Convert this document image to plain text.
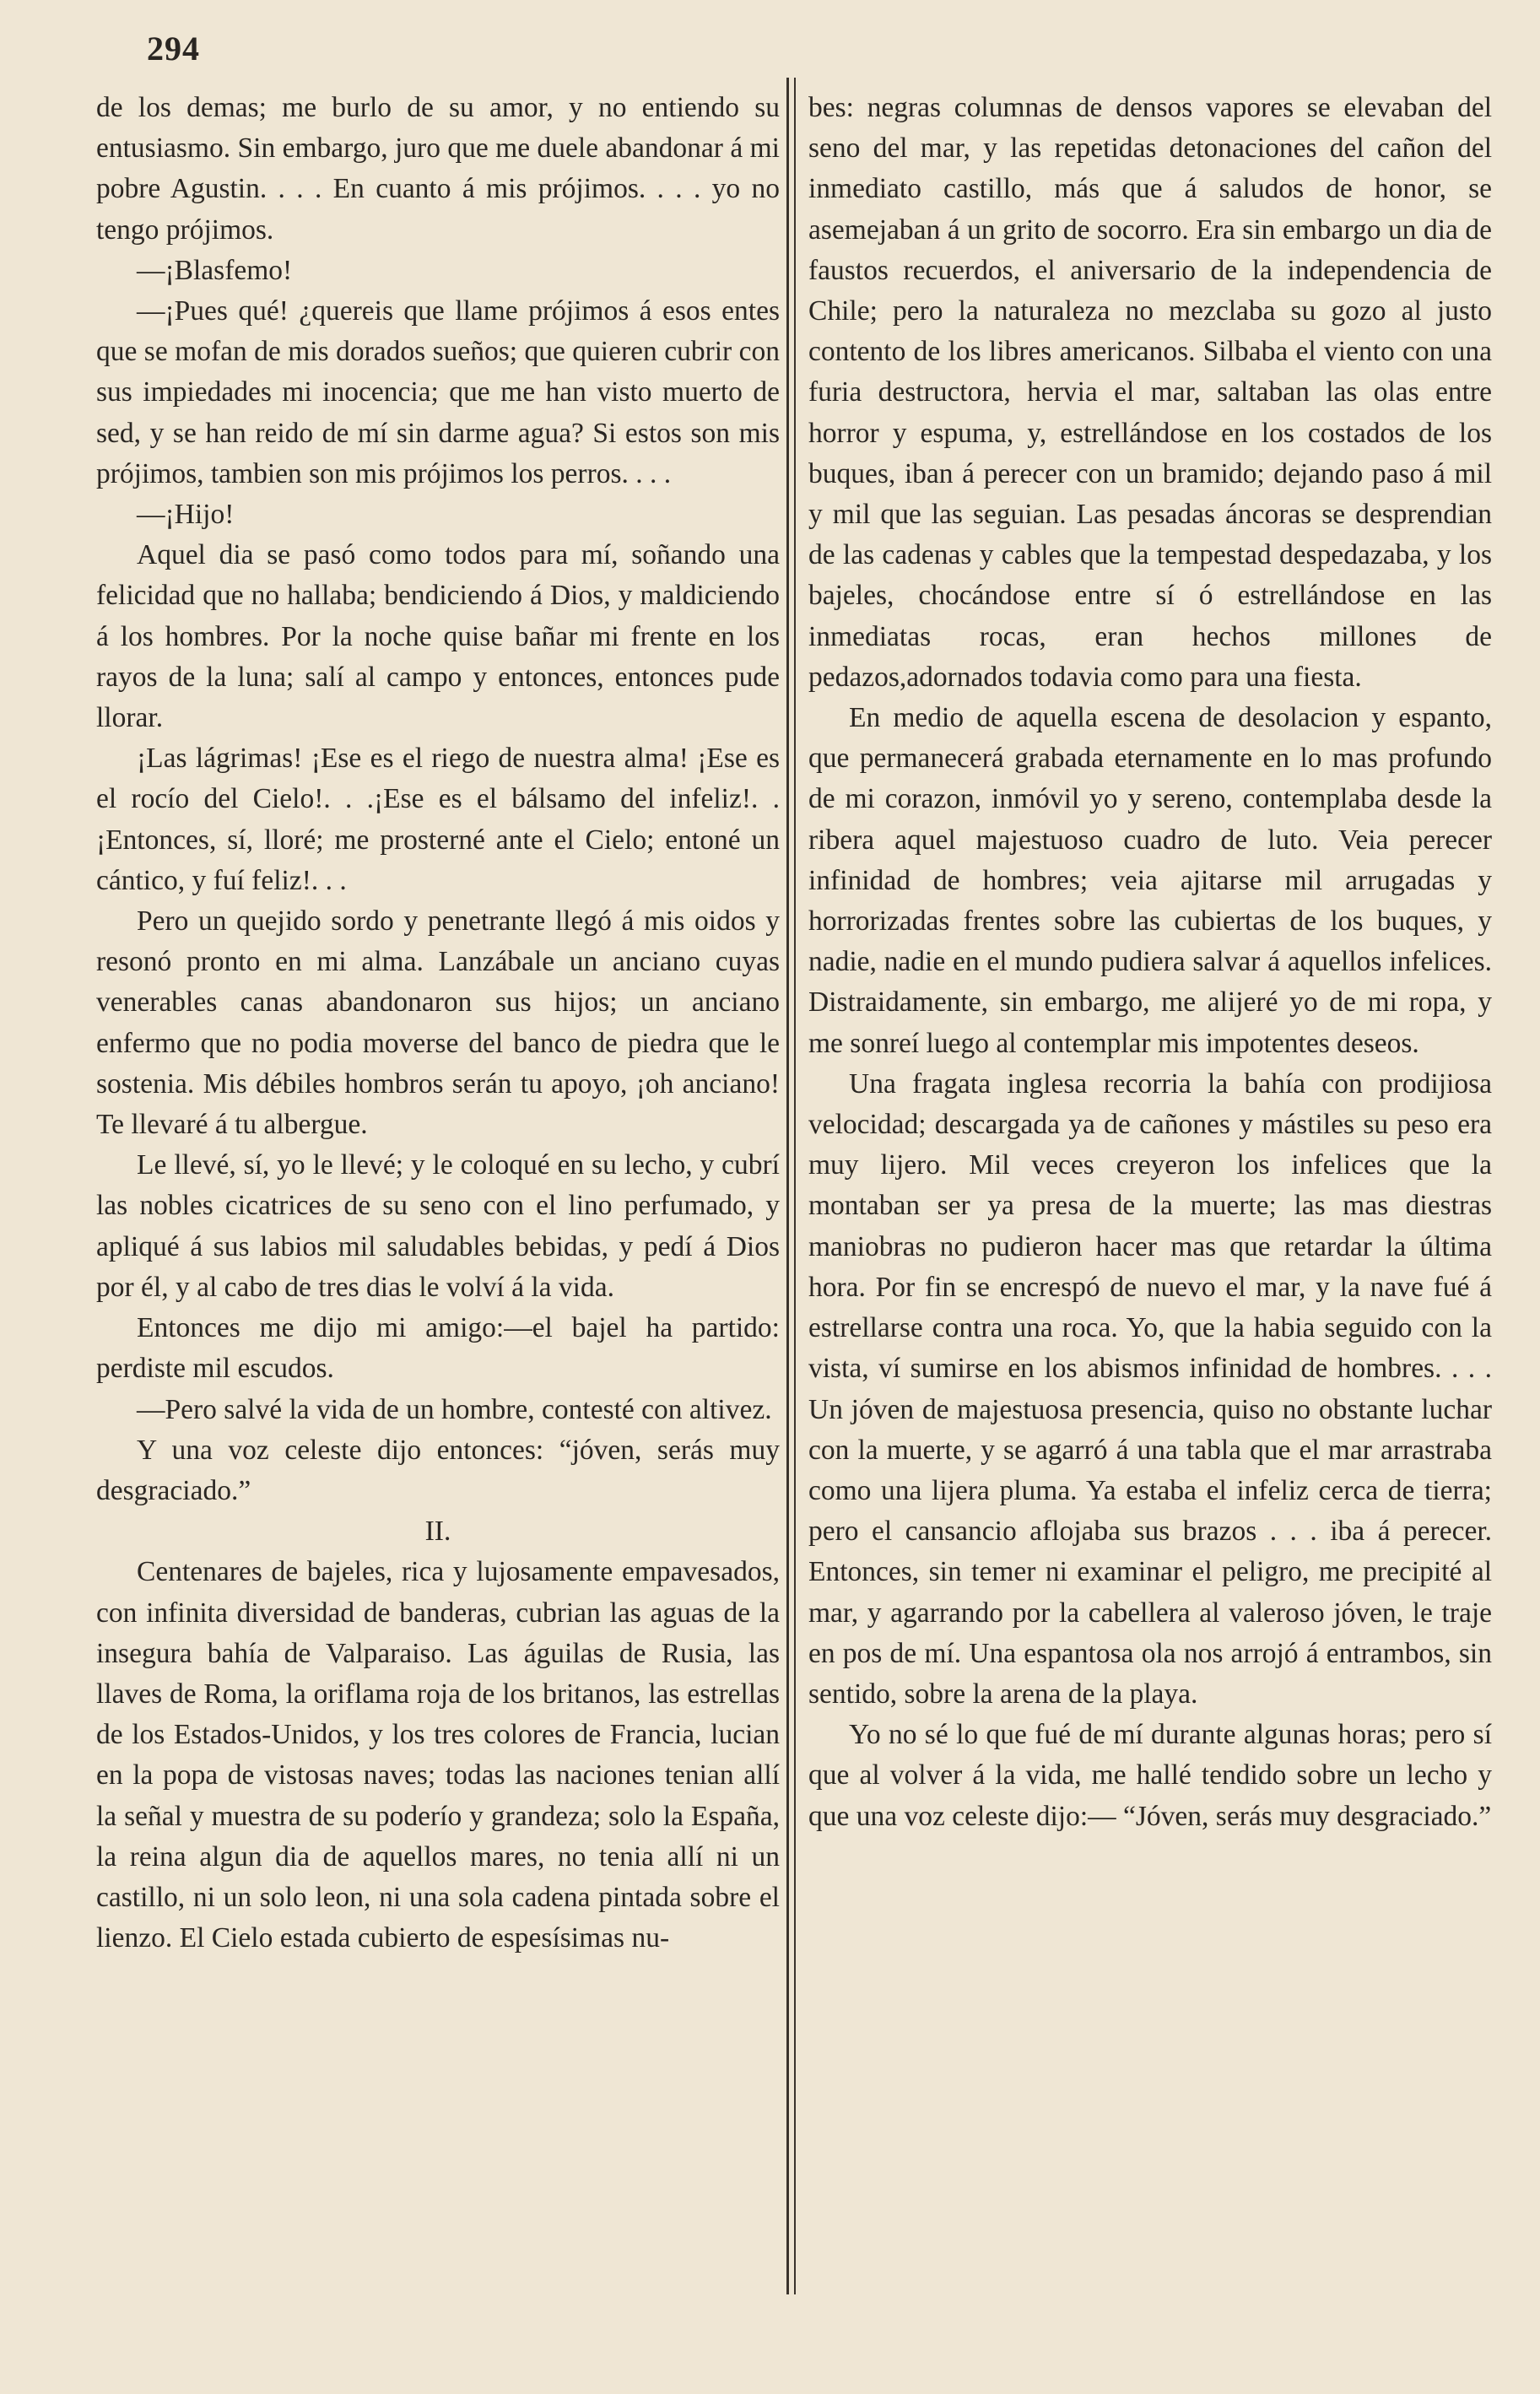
294

de los demas; me burlo de su amor, y no entiendo su entusiasmo. Sin embargo, juro que me duele abandonar á mi pobre Agustin. . . . En cuanto á mis prójimos. . . . yo no tengo prójimos.

—¡Blasfemo!

—¡Pues qué! ¿quereis que llame prójimos á esos entes que se mofan de mis dorados sueños; que quieren cubrir con sus impiedades mi inocencia; que me han visto muerto de sed, y se han reido de mí sin darme agua? Si estos son mis prójimos, tambien son mis prójimos los perros. . . .

—¡Hijo!

Aquel dia se pasó como todos para mí, soñando una felicidad que no hallaba; bendiciendo á Dios, y maldiciendo á los hombres. Por la noche quise bañar mi frente en los rayos de la luna; salí al campo y entonces, entonces pude llorar.

¡Las lágrimas! ¡Ese es el riego de nuestra alma! ¡Ese es el rocío del Cielo!. . .¡Ese es el bálsamo del infeliz!. . ¡Entonces, sí, lloré; me prosterné ante el Cielo; entoné un cántico, y fuí feliz!. . .

Pero un quejido sordo y penetrante llegó á mis oidos y resonó pronto en mi alma. Lanzábale un anciano cuyas venerables canas abandonaron sus hijos; un anciano enfermo que no podia moverse del banco de piedra que le sostenia. Mis débiles hombros serán tu apoyo, ¡oh anciano! Te llevaré á tu albergue.

Le llevé, sí, yo le llevé; y le coloqué en su lecho, y cubrí las nobles cicatrices de su seno con el lino perfumado, y apliqué á sus labios mil saludables bebidas, y pedí á Dios por él, y al cabo de tres dias le volví á la vida.

Entonces me dijo mi amigo:—el bajel ha partido: perdiste mil escudos.

—Pero salvé la vida de un hombre, contesté con altivez.

Y una voz celeste dijo entonces: “jóven, serás muy desgraciado.”

II.

Centenares de bajeles, rica y lujosamente empavesados, con infinita diversidad de banderas, cubrian las aguas de la insegura bahía de Valparaiso. Las águilas de Rusia, las llaves de Roma, la oriflama roja de los britanos, las estrellas de los Estados-Unidos, y los tres colores de Francia, lucian en la popa de vistosas naves; todas las naciones tenian allí la señal y muestra de su poderío y grandeza; solo la España, la reina algun dia de aquellos mares, no tenia allí ni un castillo, ni un solo leon, ni una sola cadena pintada sobre el lienzo. El Cielo estada cubierto de espesísimas nu-

bes: negras columnas de densos vapores se elevaban del seno del mar, y las repetidas detonaciones del cañon del inmediato castillo, más que á saludos de honor, se asemejaban á un grito de socorro. Era sin embargo un dia de faustos recuerdos, el aniversario de la independencia de Chile; pero la naturaleza no mezclaba su gozo al justo contento de los libres americanos. Silbaba el viento con una furia destructora, hervia el mar, saltaban las olas entre horror y espuma, y, estrellándose en los costados de los buques, iban á perecer con un bramido; dejando paso á mil y mil que las seguian. Las pesadas áncoras se desprendian de las cadenas y cables que la tempestad despedazaba, y los bajeles, chocándose entre sí ó estrellándose en las inmediatas rocas, eran hechos millones de pedazos,adornados todavia como para una fiesta.

En medio de aquella escena de desolacion y espanto, que permanecerá grabada eternamente en lo mas profundo de mi corazon, inmóvil yo y sereno, contemplaba desde la ribera aquel majestuoso cuadro de luto. Veia perecer infinidad de hombres; veia ajitarse mil arrugadas y horrorizadas frentes sobre las cubiertas de los buques, y nadie, nadie en el mundo pudiera salvar á aquellos infelices. Distraidamente, sin embargo, me alijeré yo de mi ropa, y me sonreí luego al contemplar mis impotentes deseos.

Una fragata inglesa recorria la bahía con prodijiosa velocidad; descargada ya de cañones y mástiles su peso era muy lijero. Mil veces creyeron los infelices que la montaban ser ya presa de la muerte; las mas diestras maniobras no pudieron hacer mas que retardar la última hora. Por fin se encrespó de nuevo el mar, y la nave fué á estrellarse contra una roca. Yo, que la habia seguido con la vista, ví sumirse en los abismos infinidad de hombres. . . . Un jóven de majestuosa presencia, quiso no obstante luchar con la muerte, y se agarró á una tabla que el mar arrastraba como una lijera pluma. Ya estaba el infeliz cerca de tierra; pero el cansancio aflojaba sus brazos . . . iba á perecer. Entonces, sin temer ni examinar el peligro, me precipité al mar, y agarrando por la cabellera al valeroso jóven, le traje en pos de mí. Una espantosa ola nos arrojó á entrambos, sin sentido, sobre la arena de la playa.

Yo no sé lo que fué de mí durante algunas horas; pero sí que al volver á la vida, me hallé tendido sobre un lecho y que una voz celeste dijo:— “Jóven, serás muy desgraciado.”
